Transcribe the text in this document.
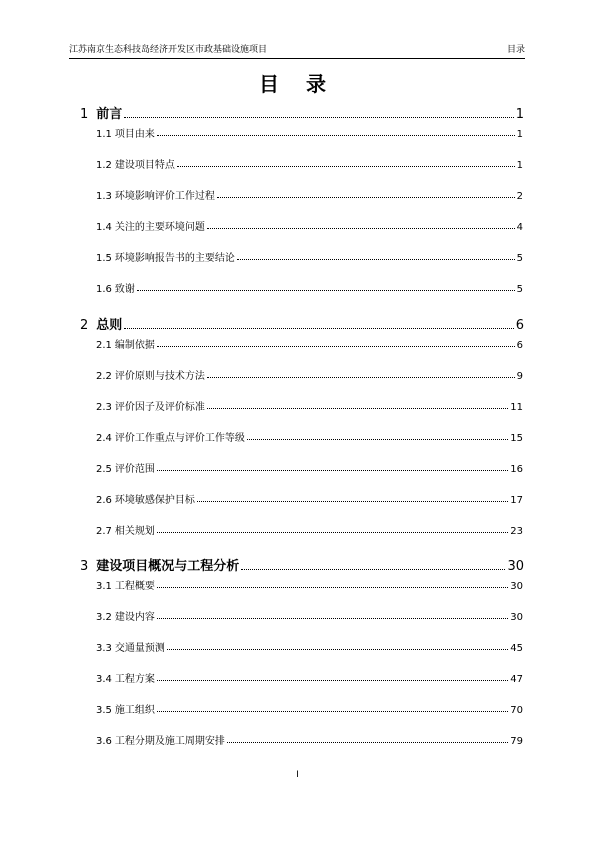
江苏南京生态科技岛经济开发区市政基础设施项目	目录
目 录
1 前言	1
1.1 项目由来	1
1.2 建设项目特点	1
1.3 环境影响评价工作过程	2
1.4 关注的主要环境问题	4
1.5 环境影响报告书的主要结论	5
1.6 致谢	5
2 总则	6
2.1 编制依据	6
2.2 评价原则与技术方法	9
2.3 评价因子及评价标准	11
2.4 评价工作重点与评价工作等级	15
2.5 评价范围	16
2.6 环境敏感保护目标	17
2.7 相关规划	23
3 建设项目概况与工程分析	30
3.1 工程概要	30
3.2 建设内容	30
3.3 交通量预测	45
3.4 工程方案	47
3.5 施工组织	70
3.6 工程分期及施工周期安排	79
I
